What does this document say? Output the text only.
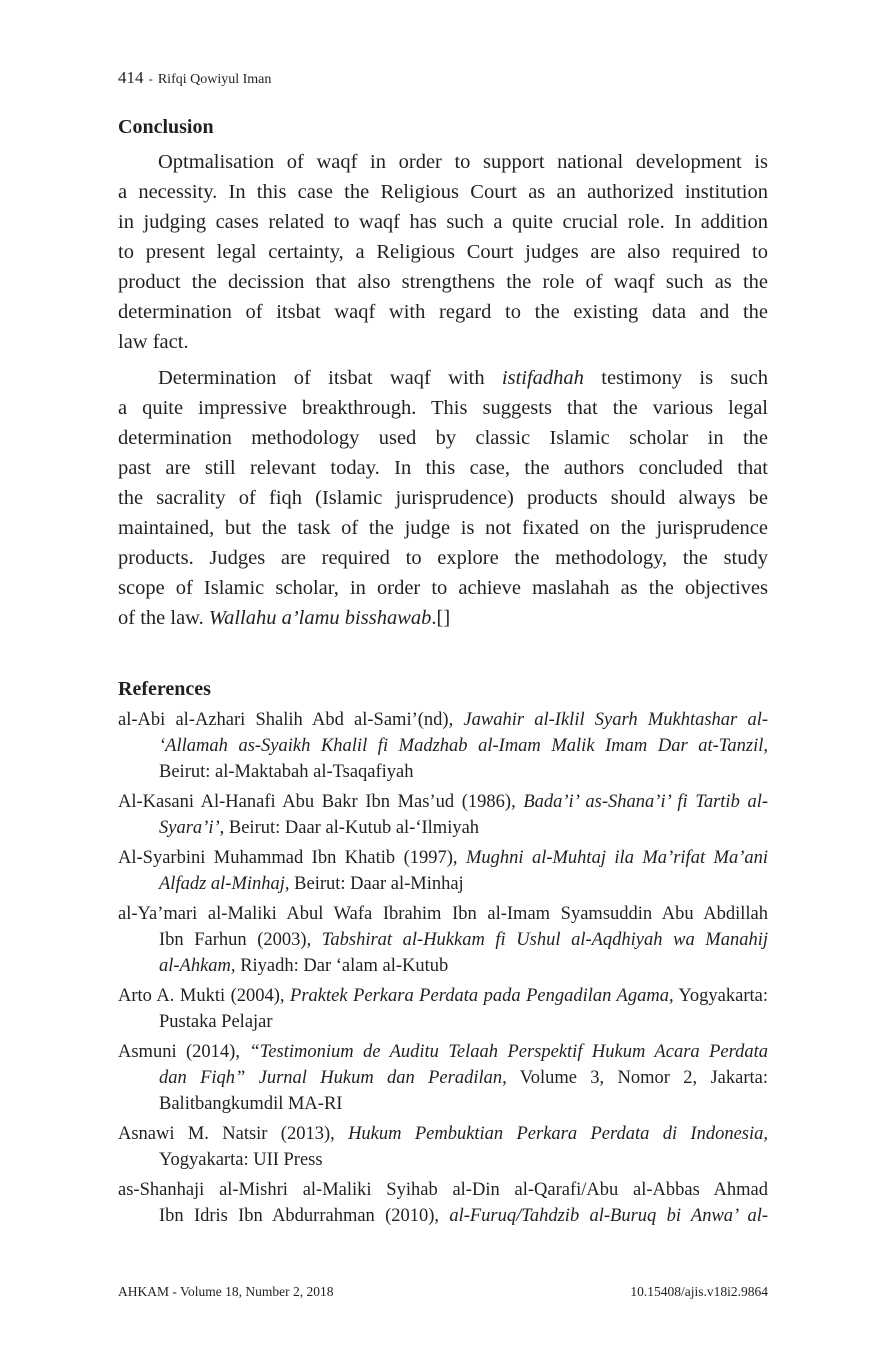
414 - Rifqi Qowiyul Iman
Conclusion
Optmalisation of waqf in order to support national development is
a necessity. In this case the Religious Court as an authorized institution
in judging cases related to waqf has such a quite crucial role. In addition
to present legal certainty, a Religious Court judges are also required to
product the decission that also strengthens the role of waqf such as the
determination of itsbat waqf with regard to the existing data and the
law fact.
Determination of itsbat waqf with istifadhah testimony is such
a quite impressive breakthrough. This suggests that the various legal
determination methodology used by classic Islamic scholar in the
past are still relevant today. In this case, the authors concluded that
the sacrality of fiqh (Islamic jurisprudence) products should always be
maintained, but the task of the judge is not fixated on the jurisprudence
products. Judges are required to explore the methodology, the study
scope of Islamic scholar, in order to achieve maslahah as the objectives
of the law. Wallahu a’lamu bisshawab.[]
References
al-Abi al-Azhari Shalih Abd al-Sami’(nd), Jawahir al-Iklil Syarh Mukhtashar al-
‘Allamah as-Syaikh Khalil fi Madzhab al-Imam Malik Imam Dar at-Tanzil,
Beirut: al-Maktabah al-Tsaqafiyah
Al-Kasani Al-Hanafi Abu Bakr Ibn Mas’ud (1986), Bada’i’ as-Shana’i’ fi Tartib al-
Syara’i’, Beirut: Daar al-Kutub al-‘Ilmiyah
Al-Syarbini Muhammad Ibn Khatib (1997), Mughni al-Muhtaj ila Ma’rifat Ma’ani
Alfadz al-Minhaj, Beirut: Daar al-Minhaj
al-Ya’mari al-Maliki Abul Wafa Ibrahim Ibn al-Imam Syamsuddin Abu Abdillah
Ibn Farhun (2003), Tabshirat al-Hukkam fi Ushul al-Aqdhiyah wa Manahij
al-Ahkam, Riyadh: Dar ‘alam al-Kutub
Arto A. Mukti (2004), Praktek Perkara Perdata pada Pengadilan Agama, Yogyakarta:
Pustaka Pelajar
Asmuni (2014), “Testimonium de Auditu Telaah Perspektif Hukum Acara Perdata
dan Fiqh” Jurnal Hukum dan Peradilan, Volume 3, Nomor 2, Jakarta:
Balitbangkumdil MA-RI
Asnawi M. Natsir (2013), Hukum Pembuktian Perkara Perdata di Indonesia,
Yogyakarta: UII Press
as-Shanhaji al-Mishri al-Maliki Syihab al-Din al-Qarafi/Abu al-Abbas Ahmad
Ibn Idris Ibn Abdurrahman (2010), al-Furuq/Tahdzib al-Buruq bi Anwa’ al-
AHKAM - Volume 18, Number 2, 2018	10.15408/ajis.v18i2.9864
